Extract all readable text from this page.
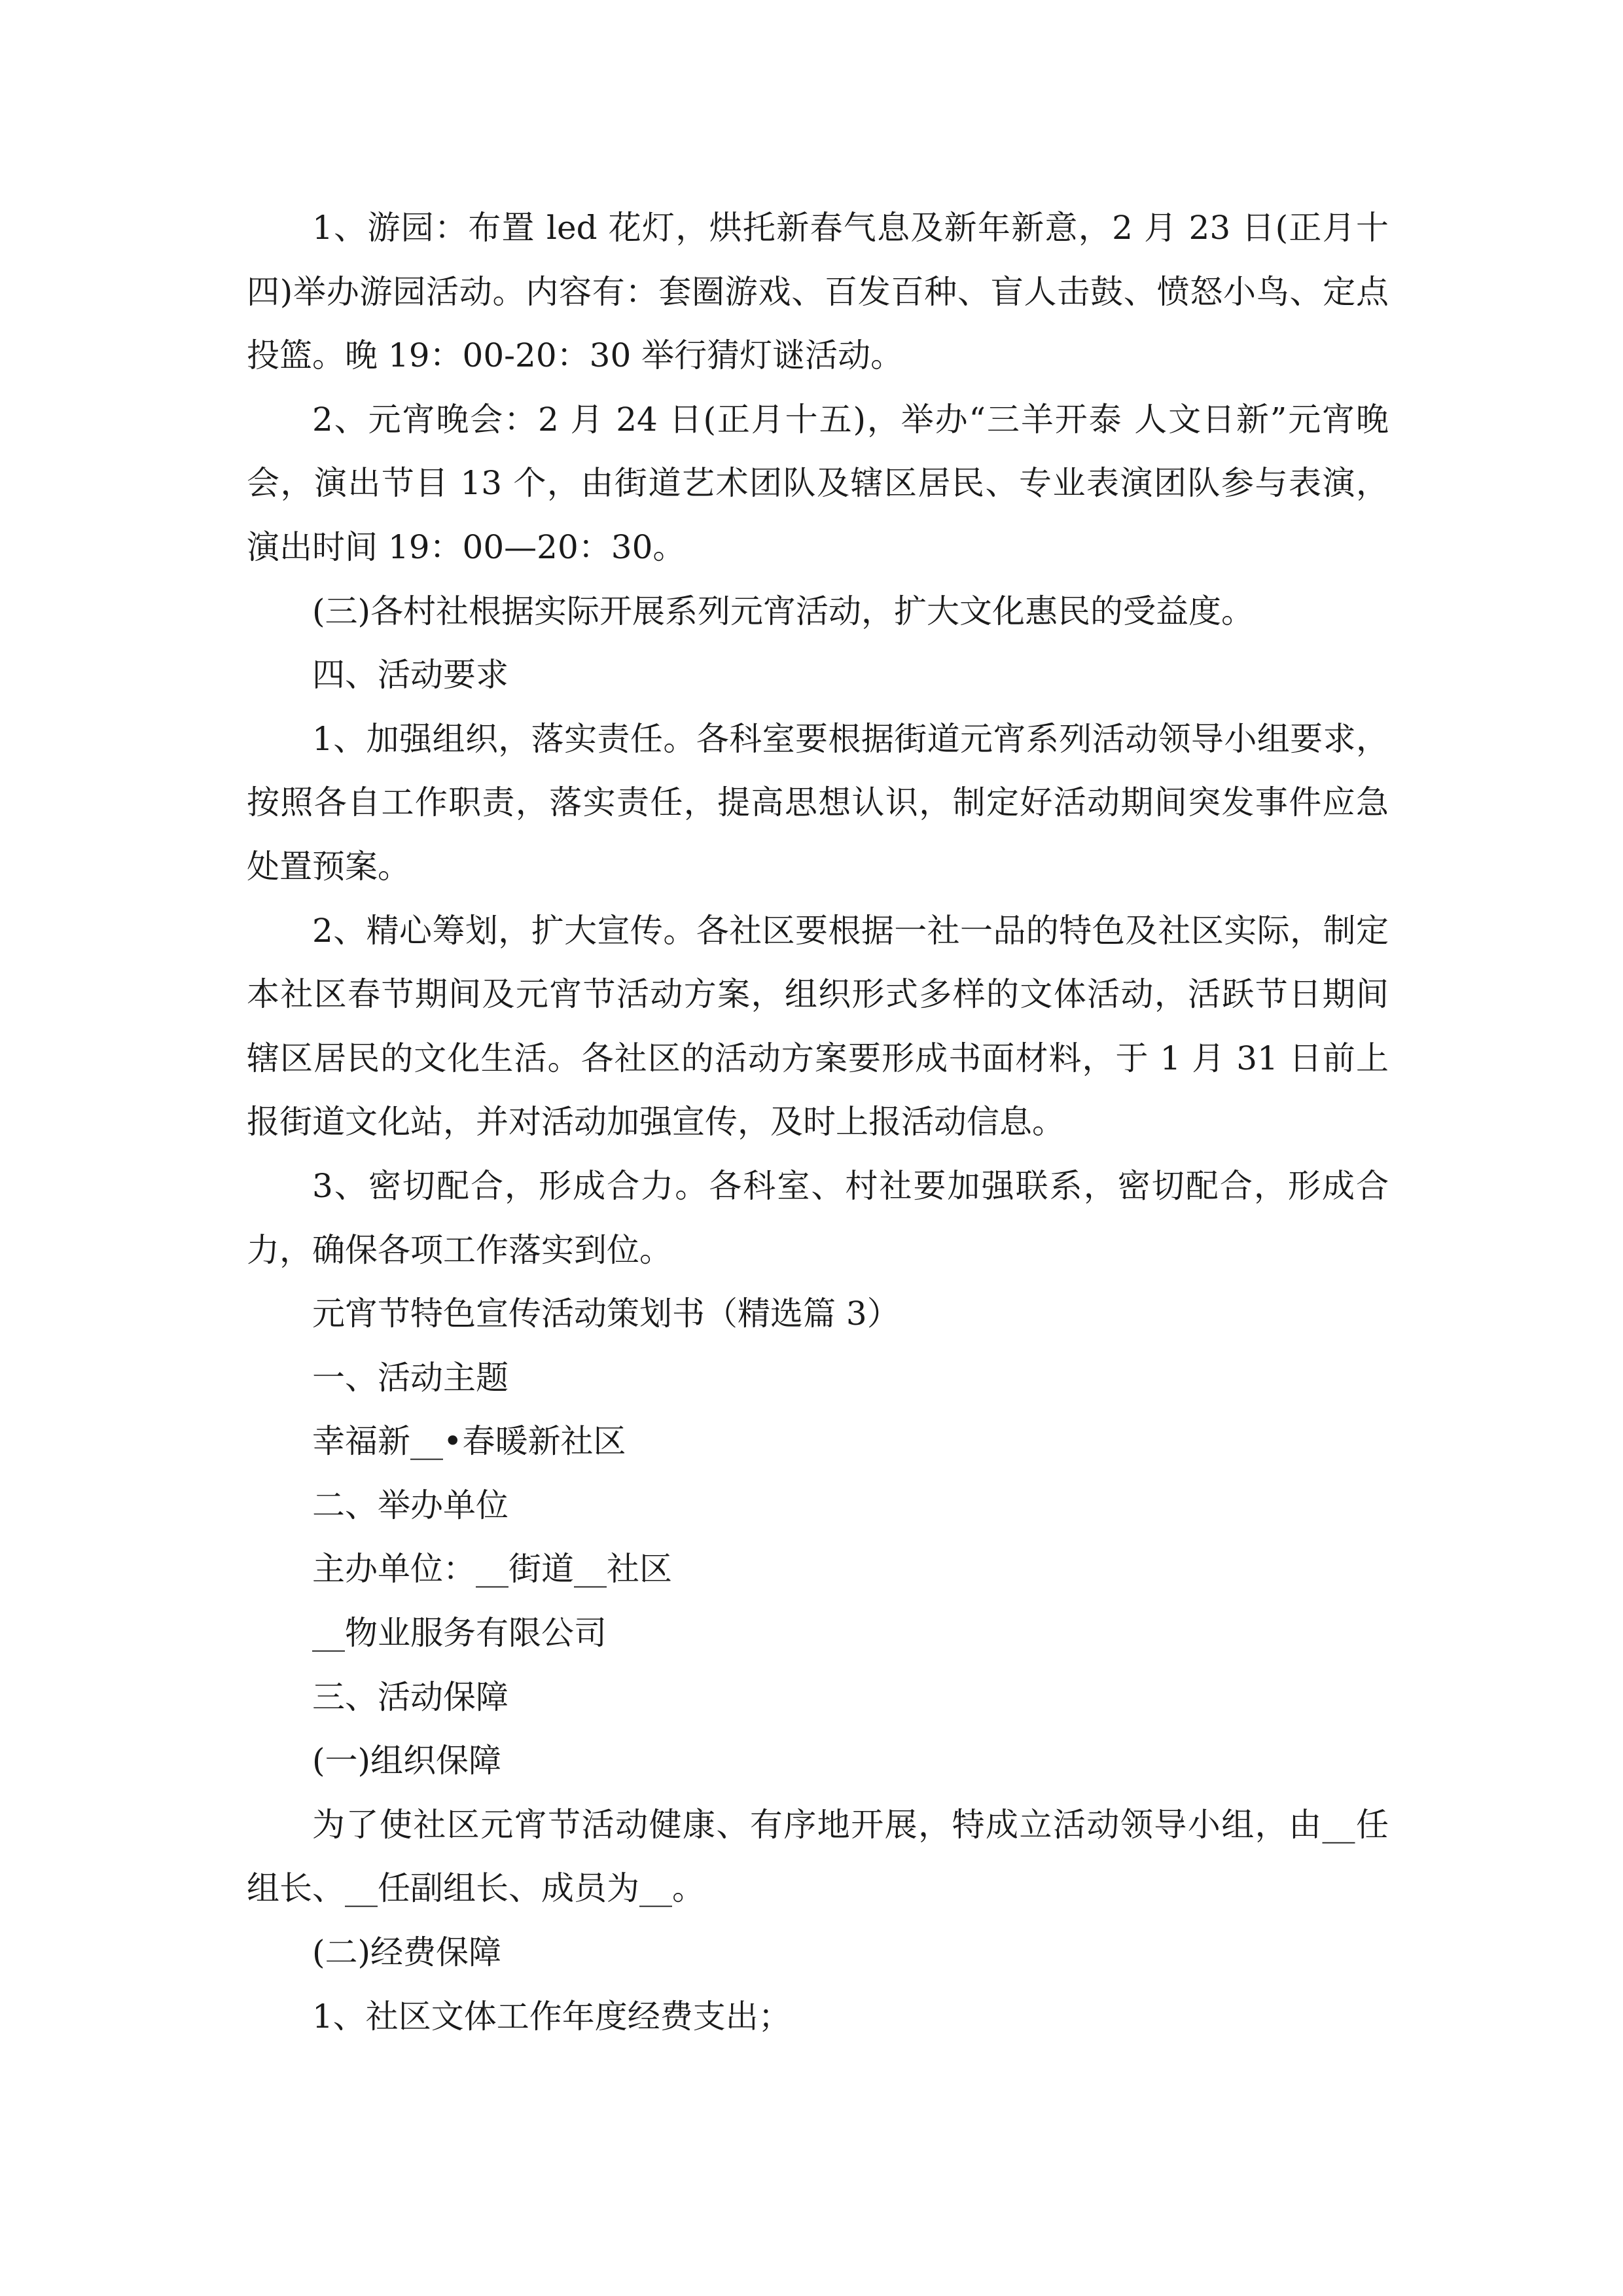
1、游园：布置 led 花灯，烘托新春气息及新年新意，2 月 23 日(正月十四)举办游园活动。内容有：套圈游戏、百发百种、盲人击鼓、愤怒小鸟、定点投篮。晚 19：00-20：30 举行猜灯谜活动。

2、元宵晚会：2 月 24 日(正月十五)，举办“三羊开泰 人文日新”元宵晚会，演出节目 13 个，由街道艺术团队及辖区居民、专业表演团队参与表演，演出时间 19：00—20：30。

(三)各村社根据实际开展系列元宵活动，扩大文化惠民的受益度。

四、活动要求

1、加强组织，落实责任。各科室要根据街道元宵系列活动领导小组要求，按照各自工作职责，落实责任，提高思想认识，制定好活动期间突发事件应急处置预案。

2、精心筹划，扩大宣传。各社区要根据一社一品的特色及社区实际，制定本社区春节期间及元宵节活动方案，组织形式多样的文体活动，活跃节日期间辖区居民的文化生活。各社区的活动方案要形成书面材料，于 1 月 31 日前上报街道文化站，并对活动加强宣传，及时上报活动信息。

3、密切配合，形成合力。各科室、村社要加强联系，密切配合，形成合力，确保各项工作落实到位。

元宵节特色宣传活动策划书（精选篇 3）

一、活动主题

幸福新__•春暖新社区

二、举办单位

主办单位：__街道__社区

__物业服务有限公司

三、活动保障

(一)组织保障

为了使社区元宵节活动健康、有序地开展，特成立活动领导小组，由__任组长、__任副组长、成员为__。

(二)经费保障

1、社区文体工作年度经费支出；
